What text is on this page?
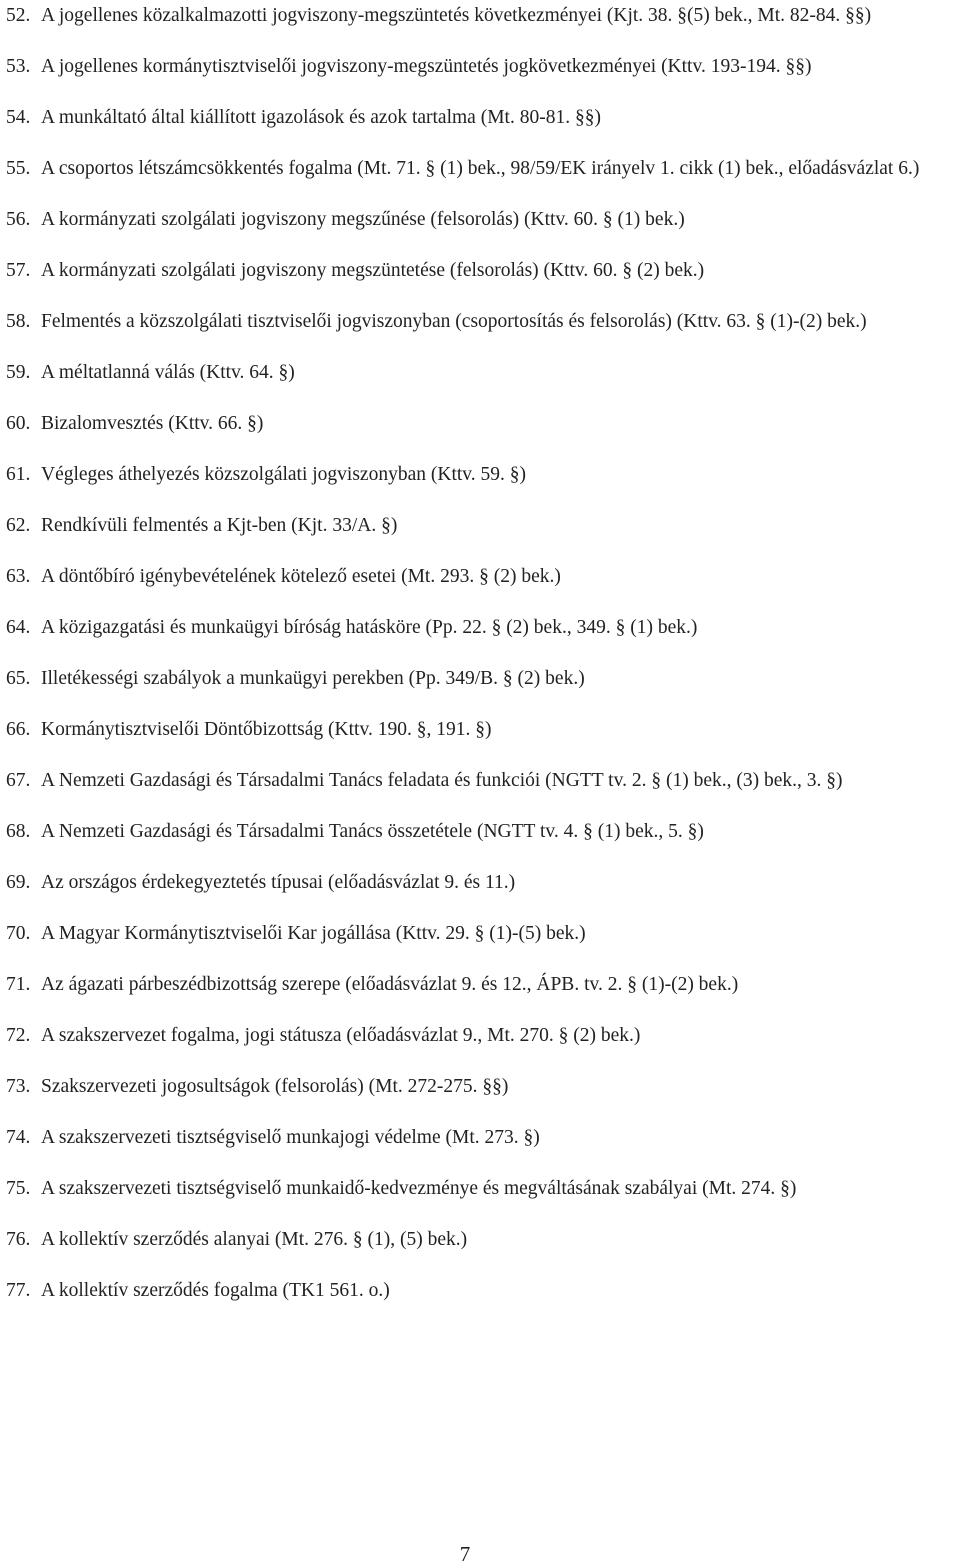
52. A jogellenes közalkalmazotti jogviszony-megszüntetés következményei (Kjt. 38. §(5) bek., Mt. 82-84. §§)
53. A jogellenes kormánytisztviselői jogviszony-megszüntetés jogkövetkezményei (Kttv. 193-194. §§)
54. A munkáltató által kiállított igazolások és azok tartalma (Mt. 80-81. §§)
55. A csoportos létszámcsökkentés fogalma (Mt. 71. § (1) bek., 98/59/EK irányelv 1. cikk (1) bek., előadásvázlat 6.)
56. A kormányzati szolgálati jogviszony megszűnése (felsorolás) (Kttv. 60. § (1) bek.)
57. A kormányzati szolgálati jogviszony megszüntetése (felsorolás) (Kttv. 60. § (2) bek.)
58. Felmentés a közszolgálati tisztviselői jogviszonyban (csoportosítás és felsorolás) (Kttv. 63. § (1)-(2) bek.)
59. A méltatlanná válás (Kttv. 64. §)
60. Bizalomvesztés (Kttv. 66. §)
61. Végleges áthelyezés közszolgálati jogviszonyban (Kttv. 59. §)
62. Rendkívüli felmentés a Kjt-ben (Kjt. 33/A. §)
63. A döntőbíró igénybevételének kötelező esetei (Mt. 293. § (2) bek.)
64. A közigazgatási és munkaügyi bíróság hatásköre (Pp. 22. § (2) bek., 349. § (1) bek.)
65. Illetékességi szabályok a munkaügyi perekben (Pp. 349/B. § (2) bek.)
66. Kormánytisztviselői Döntőbizottság (Kttv. 190. §, 191. §)
67. A Nemzeti Gazdasági és Társadalmi Tanács feladata és funkciói (NGTT tv. 2. § (1) bek., (3) bek., 3. §)
68. A Nemzeti Gazdasági és Társadalmi Tanács összetétele (NGTT tv. 4. § (1) bek., 5. §)
69. Az országos érdekegyeztetés típusai (előadásvázlat 9. és 11.)
70. A Magyar Kormánytisztviselői Kar jogállása (Kttv. 29. § (1)-(5) bek.)
71. Az ágazati párbeszédbizottság szerepe (előadásvázlat 9. és 12., ÁPB. tv. 2. § (1)-(2) bek.)
72. A szakszervezet fogalma, jogi státusza (előadásvázlat 9., Mt. 270. § (2) bek.)
73. Szakszervezeti jogosultságok (felsorolás) (Mt. 272-275. §§)
74. A szakszervezeti tisztségviselő munkajogi védelme (Mt. 273. §)
75. A szakszervezeti tisztségviselő munkaidő-kedvezménye és megváltásának szabályai (Mt. 274. §)
76. A kollektív szerződés alanyai (Mt. 276. § (1), (5) bek.)
77. A kollektív szerződés fogalma (TK1 561. o.)
7
